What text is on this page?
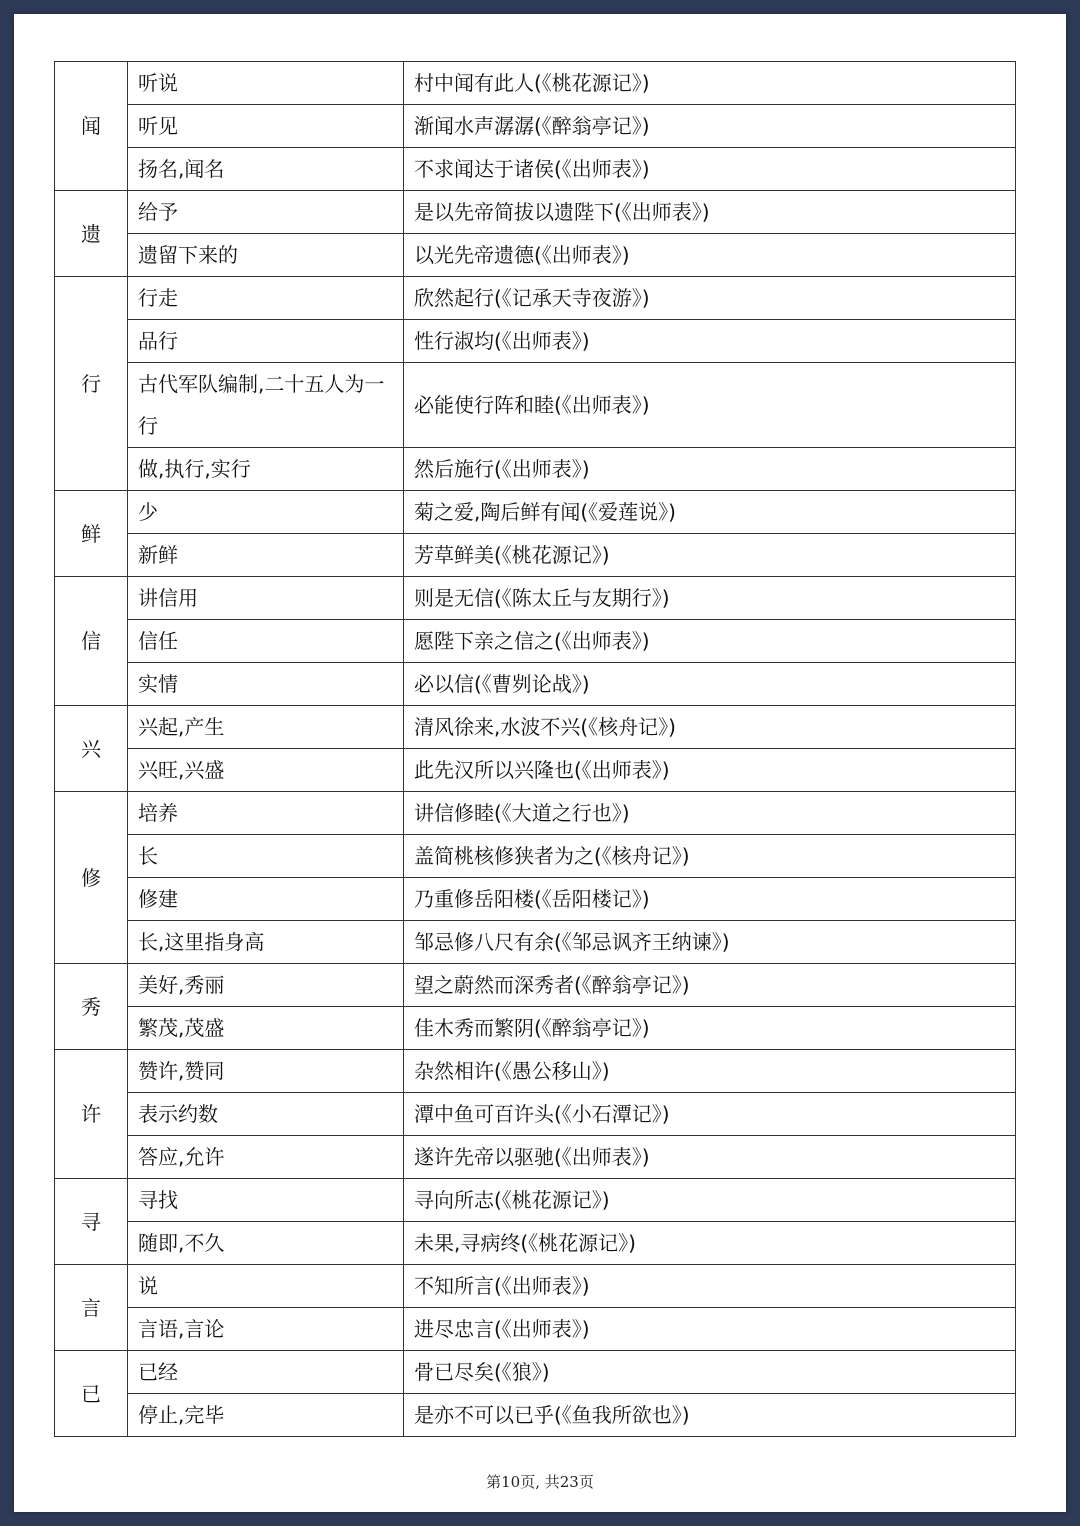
闻	听说	村中闻有此人(《桃花源记》)
	听见	渐闻水声潺潺(《醉翁亭记》)
	扬名,闻名	不求闻达于诸侯(《出师表》)
遗	给予	是以先帝简拔以遗陛下(《出师表》)
	遗留下来的	以光先帝遗德(《出师表》)
行	行走	欣然起行(《记承天寺夜游》)
	品行	性行淑均(《出师表》)
	古代军队编制,二十五人为一行	必能使行阵和睦(《出师表》)
	做,执行,实行	然后施行(《出师表》)
鲜	少	菊之爱,陶后鲜有闻(《爱莲说》)
	新鲜	芳草鲜美(《桃花源记》)
信	讲信用	则是无信(《陈太丘与友期行》)
	信任	愿陛下亲之信之(《出师表》)
	实情	必以信(《曹刿论战》)
兴	兴起,产生	清风徐来,水波不兴(《核舟记》)
	兴旺,兴盛	此先汉所以兴隆也(《出师表》)
修	培养	讲信修睦(《大道之行也》)
	长	盖简桃核修狭者为之(《核舟记》)
	修建	乃重修岳阳楼(《岳阳楼记》)
	长,这里指身高	邹忌修八尺有余(《邹忌讽齐王纳谏》)
秀	美好,秀丽	望之蔚然而深秀者(《醉翁亭记》)
	繁茂,茂盛	佳木秀而繁阴(《醉翁亭记》)
许	赞许,赞同	杂然相许(《愚公移山》)
	表示约数	潭中鱼可百许头(《小石潭记》)
	答应,允许	遂许先帝以驱驰(《出师表》)
寻	寻找	寻向所志(《桃花源记》)
	随即,不久	未果,寻病终(《桃花源记》)
言	说	不知所言(《出师表》)
	言语,言论	进尽忠言(《出师表》)
已	已经	骨已尽矣(《狼》)
	停止,完毕	是亦不可以已乎(《鱼我所欲也》)
第10页, 共23页
